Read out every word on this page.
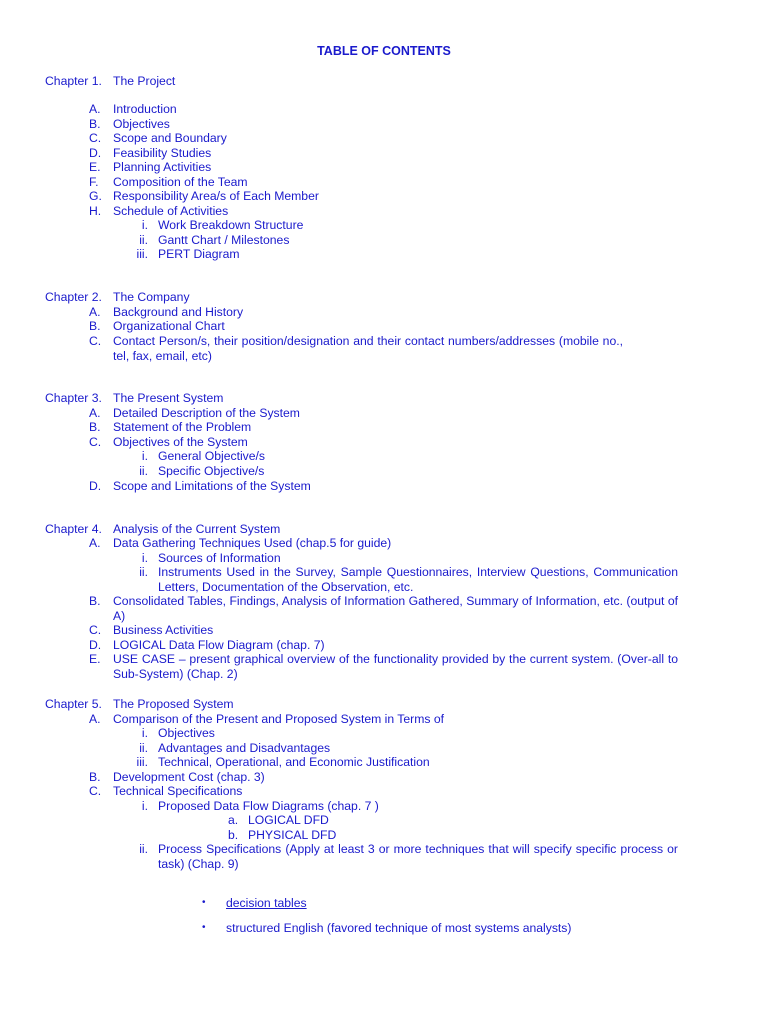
TABLE OF CONTENTS
Chapter 1. The Project
A. Introduction
B. Objectives
C. Scope and Boundary
D. Feasibility Studies
E. Planning Activities
F. Composition of the Team
G. Responsibility Area/s of Each Member
H. Schedule of Activities
i. Work Breakdown Structure
ii. Gantt Chart / Milestones
iii. PERT Diagram
Chapter 2. The Company
A. Background and History
B. Organizational Chart
C. Contact Person/s, their position/designation and their contact numbers/addresses (mobile no., tel, fax, email, etc)
Chapter 3. The Present System
A. Detailed Description of the System
B. Statement of the Problem
C. Objectives of the System
i. General Objective/s
ii. Specific Objective/s
D. Scope and Limitations of the System
Chapter 4. Analysis of the Current System
A. Data Gathering Techniques Used (chap.5 for guide)
i. Sources of Information
ii. Instruments Used in the Survey, Sample Questionnaires, Interview Questions, Communication Letters, Documentation of the Observation, etc.
B. Consolidated Tables, Findings, Analysis of Information Gathered, Summary of Information, etc. (output of A)
C. Business Activities
D. LOGICAL Data Flow Diagram (chap. 7)
E. USE CASE – present graphical overview of the functionality provided by the current system. (Over-all to Sub-System) (Chap. 2)
Chapter 5. The Proposed System
A. Comparison of the Present and Proposed System in Terms of
i. Objectives
ii. Advantages and Disadvantages
iii. Technical, Operational, and Economic Justification
B. Development Cost (chap. 3)
C. Technical Specifications
i. Proposed Data Flow Diagrams (chap. 7 )
a. LOGICAL DFD
b. PHYSICAL DFD
ii. Process Specifications (Apply at least 3 or more techniques that will specify specific process or task) (Chap. 9)
• decision tables
• structured English (favored technique of most systems analysts)
